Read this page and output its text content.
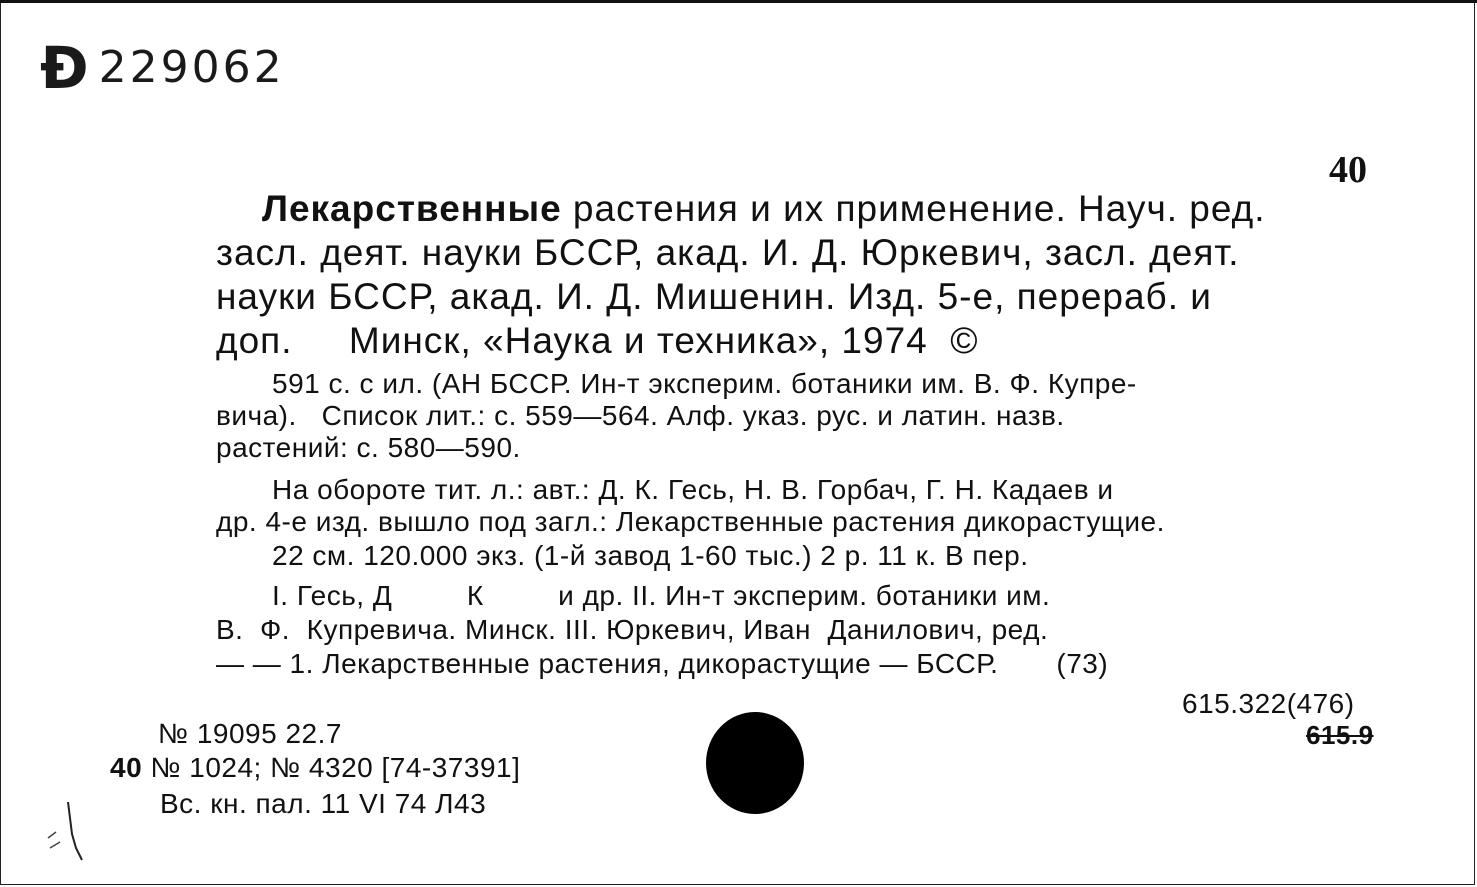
Ð 229062
40
Лекарственные растения и их применение. Науч. ред.
засл. деят. науки БССР, акад. И. Д. Юркевич, засл. деят.
науки БССР, акад. И. Д. Мишенин. Изд. 5-е, перераб. и
доп.     Минск, «Наука и техника», 1974  ©
591 с. с ил. (АН БССР. Ин-т эксперим. ботаники им. В. Ф. Купре-
вича).   Список лит.: с. 559—564. Алф. указ. рус. и латин. назв.
растений: с. 580—590.
На обороте тит. л.: авт.: Д. К. Гесь, Н. В. Горбач, Г. Н. Кадаев и
др. 4-е изд. вышло под загл.: Лекарственные растения дикорастущие.
22 см. 120.000 экз. (1-й завод 1-60 тыс.) 2 р. 11 к. В пер.
I. Гесь, Д         К         и др. II. Ин-т эксперим. ботаники им.
В.  Ф.  Купревича. Минск. III. Юркевич, Иван  Данилович, ред.
— — 1. Лекарственные растения, дикорастущие — БССР.       (73)
615.322(476)
615.9
№ 19095 22.7
40 № 1024; № 4320 [74-37391]
Вс. кн. пал. 11 VI 74 Л43
